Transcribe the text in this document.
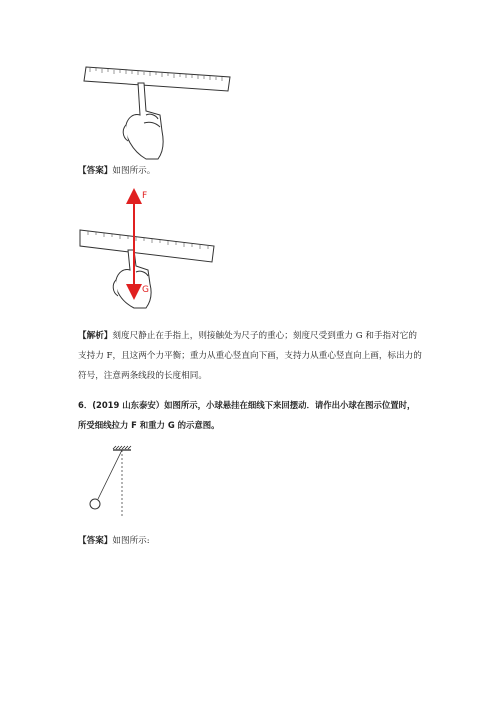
【答案】如图所示。
F
G
【解析】刻度尺静止在手指上，则接触处为尺子的重心；刻度尺受到重力 G 和手指对它的
支持力 F，且这两个力平衡；重力从重心竖直向下画，支持力从重心竖直向上画，标出力的
符号，注意两条线段的长度相同。
6．(2019 山东泰安）如图所示，小球悬挂在细线下来回摆动．请作出小球在图示位置时，
所受细线拉力 F 和重力 G 的示意图。
【答案】如图所示:
